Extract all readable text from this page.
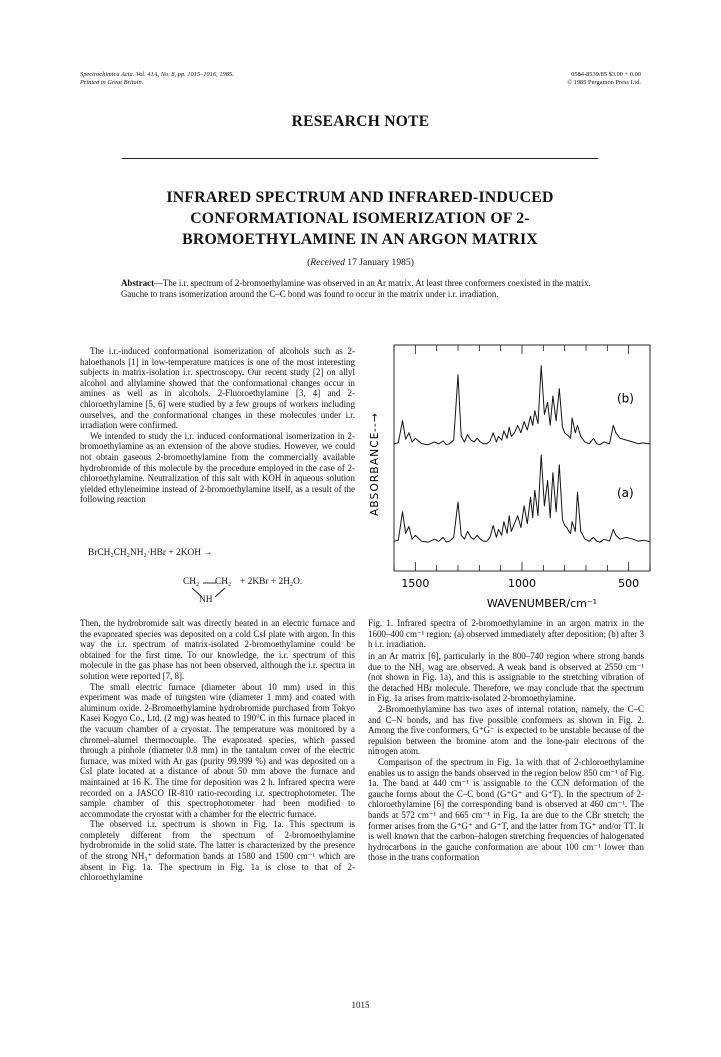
Spectrochimica Acta. Vol. 41A, No. 8, pp. 1015–1016, 1985.
Printed in Great Britain.
0584-8539/85 $3.00 + 0.00
© 1985 Pergamon Press Ltd.
RESEARCH NOTE
INFRARED SPECTRUM AND INFRARED-INDUCED CONFORMATIONAL ISOMERIZATION OF 2-BROMOETHYLAMINE IN AN ARGON MATRIX
(Received 17 January 1985)
Abstract—The i.r. spectrum of 2-bromoethylamine was observed in an Ar matrix. At least three conformers coexisted in the matrix. Gauche to trans isomerization around the C–C bond was found to occur in the matrix under i.r. irradiation.

The i.r.-induced conformational isomerization of alcohols such as 2-haloethanols [1] in low-temperature matrices is one of the most interesting subjects in matrix-isolation i.r. spectroscopy. Our recent study [2] on allyl alcohol and allylamine showed that the conformational changes occur in amines as well as in alcohols. 2-Fluoroethylamine [3, 4] and 2-chloroethylamine [5, 6] were studied by a few groups of workers including ourselves, and the conformational changes in these molecules under i.r. irradiation were confirmed.

We intended to study the i.r. induced conformational isomerization in 2-bromoethylamine as an extension of the above studies. However, we could not obtain gaseous 2-bromoethylamine from the commercially available hydrobromide of this molecule by the procedure employed in the case of 2-chloroethylamine. Neutralization of this salt with KOH in aqueous solution yielded ethyleneimine instead of 2-bromoethylamine itself, as a result of the following reaction

BrCH₂CH₂NH₂·HBr + 2KOH →
CH₂ CH₂ + 2KBr + 2H₂O.
NH

Then, the hydrobromide salt was directly heated in an electric furnace and the evaporated species was deposited on a cold CsI plate with argon. In this way the i.r. spectrum of matrix-isolated 2-bromoethylamine could be obtained for the first time. To our knowledge, the i.r. spectrum of this molecule in the gas phase has not been observed, although the i.r. spectra in solution were reported [7, 8].

The small electric furnace (diameter about 10 mm) used in this experiment was made of tungsten wire (diameter 1 mm) and coated with aluminum oxide. 2-Bromoethylamine hydrobromide purchased from Tokyo Kasei Kogyo Co., Ltd. (2 mg) was heated to 190°C in this furnace placed in the vacuum chamber of a cryostat. The temperature was monitored by a chromel–alumel thermocouple. The evaporated species, which passed through a pinhole (diameter 0.8 mm) in the tantalum cover of the electric furnace, was mixed with Ar gas (purity 99.999 %) and was deposited on a CsI plate located at a distance of about 50 mm above the furnace and maintained at 16 K. The time for deposition was 2 h. Infrared spectra were recorded on a JASCO IR-810 ratio-recording i.r. spectrophotometer. The sample chamber of this spectrophotometer had been modified to accommodate the cryostat with a chamber for the electric furnace.

The observed i.r. spectrum is shown in Fig. 1a. This spectrum is completely different from the spectrum of 2-bromoethylamine hydrobromide in the solid state. The latter is characterized by the presence of the strong NH₃⁺ deformation bands at 1580 and 1500 cm⁻¹ which are absent in Fig. 1a. The spectrum in Fig. 1a is close to that of 2-chloroethylamine

(b)
(a)
1500	1000	500
ABSORBANCE
--→
WAVENUMBER/cm⁻¹
Fig. 1. Infrared spectra of 2-bromoethylamine in an argon matrix in the 1600–400 cm⁻¹ region: (a) observed immediately after deposition; (b) after 3 h i.r. irradiation.

in an Ar matrix [6], particularly in the 800–740 region where strong bands due to the NH₂ wag are observed. A weak band is observed at 2550 cm⁻¹ (not shown in Fig. 1a), and this is assignable to the stretching vibration of the detached HBr molecule. Therefore, we may conclude that the spectrum in Fig. 1a arises from matrix-isolated 2-bromoethylamine.

2-Bromoethylamine has two axes of internal rotation, namely, the C–C and C–N bonds, and has five possible conformers as shown in Fig. 2. Among the five conformers, G⁺G⁻ is expected to be unstable because of the repulsion between the bromine atom and the lone-pair electrons of the nitrogen atom.

Comparison of the spectrum in Fig. 1a with that of 2-chloroethylamine enables us to assign the bands observed in the region below 850 cm⁻¹ of Fig. 1a. The band at 440 cm⁻¹ is assignable to the CCN deformation of the gauche forms about the C–C bond (G⁺G⁺ and G⁺T). In the spectrum of 2-chloroethylamine [6] the corresponding band is observed at 460 cm⁻¹. The bands at 572 cm⁻¹ and 665 cm⁻¹ in Fig. 1a are due to the CBr stretch; the former arises from the G⁺G⁺ and G⁺T, and the latter from TG⁺ and/or TT. It is well known that the carbon–halogen stretching frequencies of halogenated hydrocarbons in the gauche conformation are about 100 cm⁻¹ lower than those in the trans conformation

1015
